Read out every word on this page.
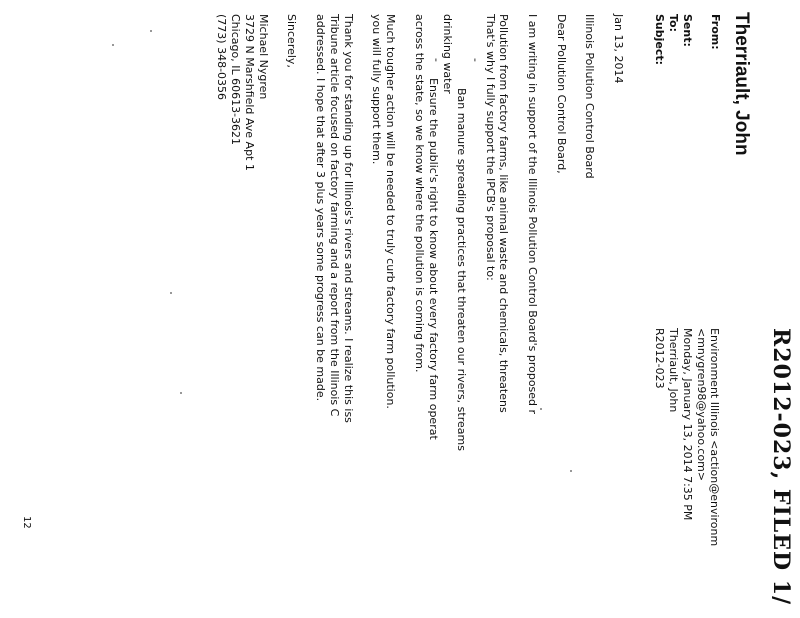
R2012-023, FILED 1/
Therriault, John
From:
Environment Illinois <action@environm
<mnygren98@yahoo.com>
Sent:
Monday, January 13, 2014 7:35 PM
To:
Therriault, John
Subject:
R2012-023
Jan 13, 2014
Illinois Pollution Control Board
Dear Pollution Control Board,
I am writing in support of the Illinois Pollution Control Board's proposed r
Pollution from factory farms, like animal waste and chemicals, threatens
That's why I fully support the IPCB's proposal to:
-
Ban manure spreading practices that threaten our rivers, streams
drinking water
-
Ensure the public's right to know about every factory farm operat
across the state, so we know where the pollution is coming from.
Much tougher action will be needed to truly curb factory farm pollution.
you will fully support them.
Thank you for standing up for Illinois's rivers and streams. I realize this iss
Tribune article focused on factory farming and a report from the Illinois C
addressed. I hope that after 3 plus years some progress can be made.
Sincerely,
Michael Nygren
3729 N Marshfield Ave Apt 1
Chicago, IL 60613-3621
(773) 348-0356
12
